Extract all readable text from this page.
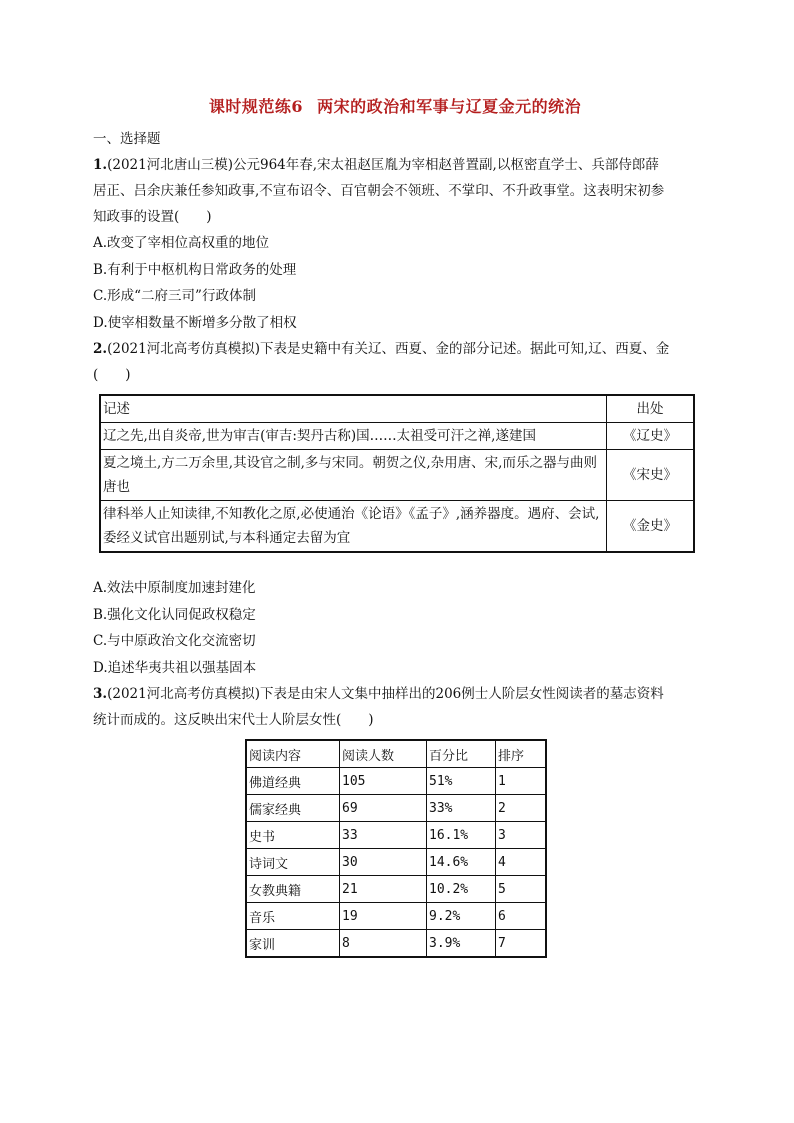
课时规范练6 两宋的政治和军事与辽夏金元的统治
一、选择题
1.(2021河北唐山三模)公元964年春,宋太祖赵匡胤为宰相赵普置副,以枢密直学士、兵部侍郎薛
居正、吕余庆兼任参知政事,不宣布诏令、百官朝会不领班、不掌印、不升政事堂。这表明宋初参
知政事的设置(　　)
A.改变了宰相位高权重的地位
B.有利于中枢机构日常政务的处理
C.形成“二府三司”行政体制
D.使宰相数量不断增多分散了相权
2.(2021河北高考仿真模拟)下表是史籍中有关辽、西夏、金的部分记述。据此可知,辽、西夏、金
(　　)
记述	出处
辽之先,出自炎帝,世为审吉(审吉:契丹古称)国……太祖受可汗之禅,遂建国	《辽史》
夏之境土,方二万余里,其设官之制,多与宋同。朝贺之仪,杂用唐、宋,而乐之器与曲则唐也	《宋史》
律科举人止知读律,不知教化之原,必使通治《论语》《孟子》,涵养器度。遇府、会试,委经义试官出题别试,与本科通定去留为宜	《金史》
A.效法中原制度加速封建化
B.强化文化认同促政权稳定
C.与中原政治文化交流密切
D.追述华夷共祖以强基固本
3.(2021河北高考仿真模拟)下表是由宋人文集中抽样出的206例士人阶层女性阅读者的墓志资料
统计而成的。这反映出宋代士人阶层女性(　　)
阅读内容	阅读人数	百分比	排序
佛道经典	105	51%	1
儒家经典	69	33%	2
史书	33	16.1%	3
诗词文	30	14.6%	4
女教典籍	21	10.2%	5
音乐	19	9.2%	6
家训	8	3.9%	7
